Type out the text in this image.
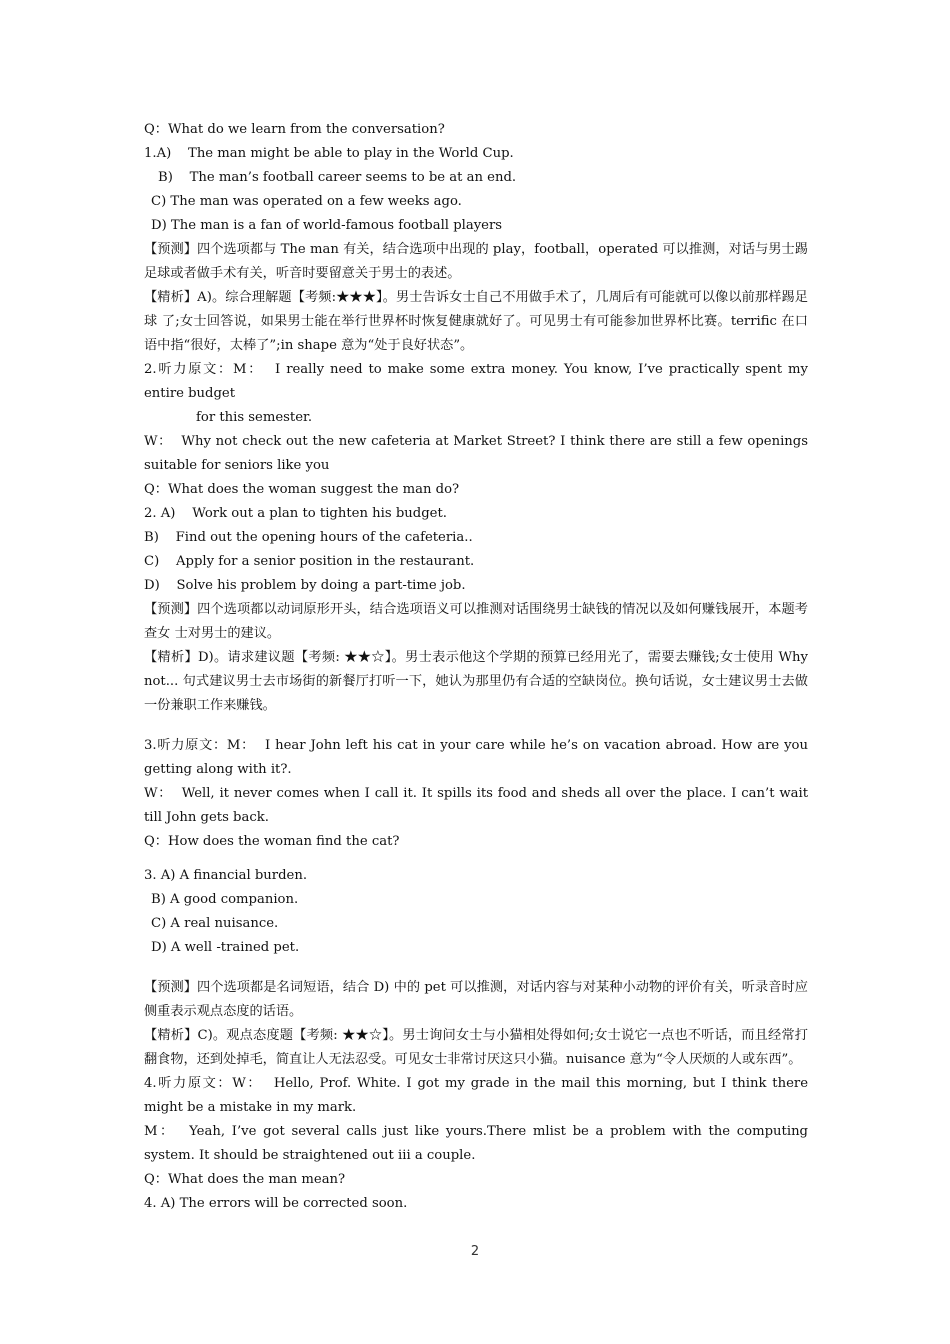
Q：What do we learn from the conversation?

1.A)    The man might be able to play in the World Cup.

B)    The man’s football career seems to be at an end.

C) The man was operated on a few weeks ago.

D) The man is a fan of world-famous football players

【预测】四个选项都与 The man 有关，结合选项中出现的 play，football，operated 可以推测，对话与男士踢足球或者做手术有关，听音时要留意关于男士的表述。

【精析】A)。综合理解题【考频:★★★】。男士告诉女士自己不用做手术了，几周后有可能就可以像以前那样踢足球 了;女士回答说，如果男士能在举行世界杯时恢复健康就好了。可见男士有可能参加世界杯比赛。terrific 在口 语中指“很好，太棒了”;in shape 意为“处于良好状态”。

2.听力原文：M：  I really need to make some extra money. You know, I’ve practically spent my entire budget

for this semester.

W：  Why not check out the new cafeteria at Market Street? I think there are still a few openings suitable for seniors like you

Q：What does the woman suggest the man do?

2. A)    Work out a plan to tighten his budget.

B)    Find out the opening hours of the cafeteria..

C)    Apply for a senior position in the restaurant.

D)    Solve his problem by doing a part-time job.

【预测】四个选项都以动词原形开头，结合选项语义可以推测对话围绕男士缺钱的情况以及如何赚钱展开，本题考查女 士对男士的建议。

【精析】D)。请求建议题【考频: ★★☆】。男士表示他这个学期的预算已经用光了，需要去赚钱;女士使用 Why not... 句式建议男士去市场街的新餐厅打听一下，她认为那里仍有合适的空缺岗位。换句话说，女士建议男士去做一份兼职工作来赚钱。

3.听力原文：M：  I hear John left his cat in your care while he’s on vacation abroad. How are you getting along with it?.

W：  Well, it never comes when I call it. It spills its food and sheds all over the place. I can’t wait till John gets back.

Q：How does the woman find the cat?

3. A) A financial burden.

B) A good companion.

C) A real nuisance.

D) A well -trained pet.

【预测】四个选项都是名词短语，结合 D) 中的 pet 可以推测，对话内容与对某种小动物的评价有关，听录音时应侧重表示观点态度的话语。

【精析】C)。观点态度题【考频: ★★☆】。男士询问女士与小猫相处得如何;女士说它一点也不听话，而且经常打翻食物，还到处掉毛，简直让人无法忍受。可见女士非常讨厌这只小猫。nuisance 意为“令人厌烦的人或东西”。

4.听力原文：W：  Hello, Prof. White. I got my grade in the mail this morning, but I think there might be a mistake in my mark.

M：  Yeah, I’ve got several calls just like yours.There mlist be a problem with the computing system. It should be straightened out iii a couple.

Q：What does the man mean?

4. A) The errors will be corrected soon.

2
